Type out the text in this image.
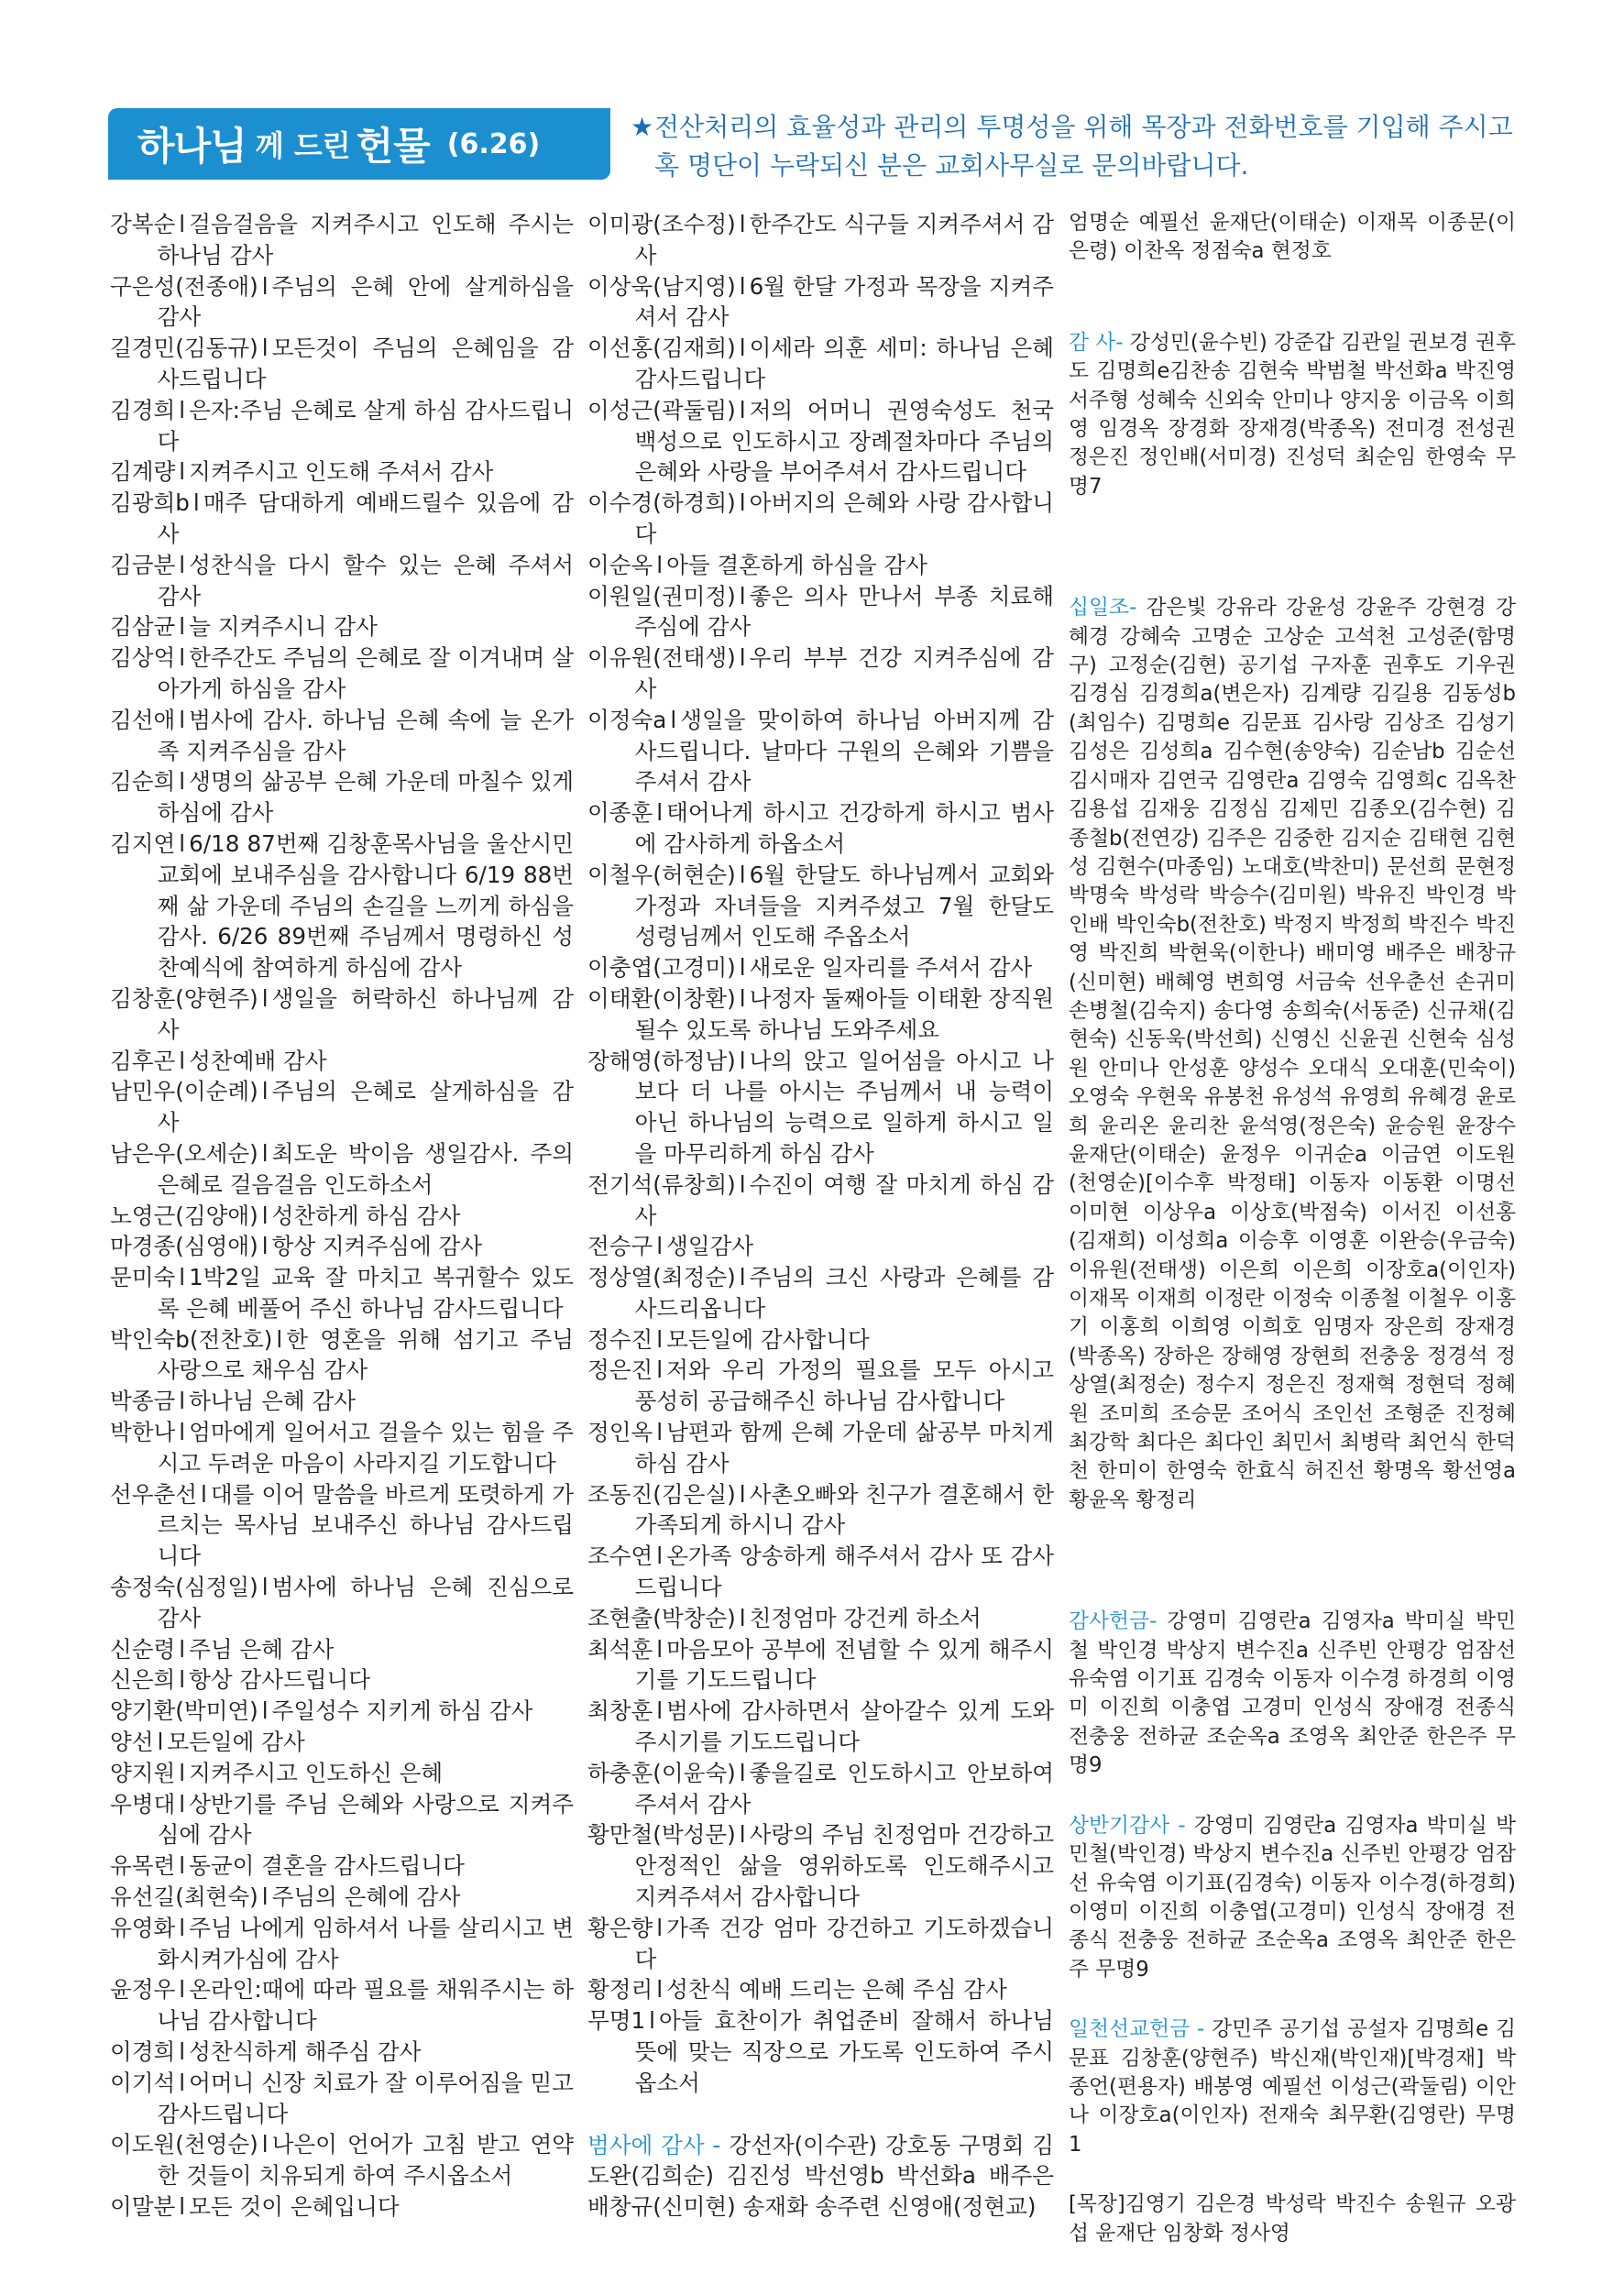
하나님 께 드린 헌물 (6.26)
★ 전산처리의 효율성과 관리의 투명성을 위해 목장과 전화번호를 기입해 주시고 혹 명단이 누락되신 분은 교회사무실로 문의바랍니다.
강복순 l 걸음걸음을 지켜주시고 인도해 주시는 하나님 감사
구은성(전종애) l 주님의 은혜 안에 살게하심을 감사
길경민(김동규) l 모든것이 주님의 은혜임을 감사드립니다
김경희 l 은자:주님 은혜로 살게 하심 감사드립니다
김계량 l 지켜주시고 인도해 주셔서 감사
김광희b l 매주 담대하게 예배드릴수 있음에 감사
김금분 l 성찬식을 다시 할수 있는 은혜 주셔서 감사
김삼균 l 늘 지켜주시니 감사
김상억 l 한주간도 주님의 은혜로 잘 이겨내며 살아가게 하심을 감사
김선애 l 범사에 감사. 하나님 은혜 속에 늘 온가족 지켜주심을 감사
김순희 l 생명의 삶공부 은혜 가운데 마칠수 있게 하심에 감사
김지연 l 6/18 87번째 김창훈목사님을 울산시민교회에 보내주심을 감사합니다 6/19 88번째 삶 가운데 주님의 손길을 느끼게 하심을 감사. 6/26 89번째 주님께서 명령하신 성찬예식에 참여하게 하심에 감사
김창훈(양현주) l 생일을 허락하신 하나님께 감사
김후곤 l 성찬예배 감사
남민우(이순례) l 주님의 은혜로 살게하심을 감사
남은우(오세순) l 최도운 박이음 생일감사. 주의 은혜로 걸음걸음 인도하소서
노영근(김양애) l 성찬하게 하심 감사
마경종(심영애) l 항상 지켜주심에 감사
문미숙 l 1박2일 교육 잘 마치고 복귀할수 있도록 은혜 베풀어 주신 하나님 감사드립니다
박인숙b(전찬호) l 한 영혼을 위해 섬기고 주님 사랑으로 채우심 감사
박종금 l 하나님 은혜 감사
박한나 l 엄마에게 일어서고 걸을수 있는 힘을 주시고 두려운 마음이 사라지길 기도합니다
선우춘선 l 대를 이어 말씀을 바르게 또렷하게 가르치는 목사님 보내주신 하나님 감사드립니다
송정숙(심정일) l 범사에 하나님 은혜 진심으로 감사
신순령 l 주님 은혜 감사
신은희 l 항상 감사드립니다
양기환(박미연) l 주일성수 지키게 하심 감사
양선 l 모든일에 감사
양지원 l 지켜주시고 인도하신 은혜
우병대 l 상반기를 주님 은혜와 사랑으로 지켜주심에 감사
유목련 l 동균이 결혼을 감사드립니다
유선길(최현숙) l 주님의 은혜에 감사
유영화 l 주님 나에게 임하셔서 나를 살리시고 변화시켜가심에 감사
윤정우 l 온라인:때에 따라 필요를 채워주시는 하나님 감사합니다
이경희 l 성찬식하게 해주심 감사
이기석 l 어머니 신장 치료가 잘 이루어짐을 믿고 감사드립니다
이도원(천영순) l 나은이 언어가 고침 받고 연약한 것들이 치유되게 하여 주시옵소서
이말분 l 모든 것이 은혜입니다
이미광(조수정) l 한주간도 식구들 지켜주셔서 감사
이상욱(남지영) l 6월 한달 가정과 목장을 지켜주셔서 감사
이선홍(김재희) l 이세라 의훈 세미: 하나님 은혜 감사드립니다
이성근(곽둘림) l 저의 어머니 권영숙성도 천국 백성으로 인도하시고 장례절차마다 주님의 은혜와 사랑을 부어주셔서 감사드립니다
이수경(하경희) l 아버지의 은혜와 사랑 감사합니다
이순옥 l 아들 결혼하게 하심을 감사
이원일(권미정) l 좋은 의사 만나서 부종 치료해 주심에 감사
이유원(전태생) l 우리 부부 건강 지켜주심에 감사
이정숙a l 생일을 맞이하여 하나님 아버지께 감사드립니다. 날마다 구원의 은혜와 기쁨을 주셔서 감사
이종훈 l 태어나게 하시고 건강하게 하시고 범사에 감사하게 하옵소서
이철우(허현순) l 6월 한달도 하나님께서 교회와 가정과 자녀들을 지켜주셨고 7월 한달도 성령님께서 인도해 주옵소서
이충엽(고경미) l 새로운 일자리를 주셔서 감사
이태환(이창환) l 나정자 둘째아들 이태환 장직원 될수 있도록 하나님 도와주세요
장해영(하정남) l 나의 앉고 일어섬을 아시고 나보다 더 나를 아시는 주님께서 내 능력이 아닌 하나님의 능력으로 일하게 하시고 일을 마무리하게 하심 감사
전기석(류창희) l 수진이 여행 잘 마치게 하심 감사
전승구 l 생일감사
정상열(최정순) l 주님의 크신 사랑과 은혜를 감사드리옵니다
정수진 l 모든일에 감사합니다
정은진 l 저와 우리 가정의 필요를 모두 아시고 풍성히 공급해주신 하나님 감사합니다
정인옥 l 남편과 함께 은혜 가운데 삶공부 마치게 하심 감사
조동진(김은실) l 사촌오빠와 친구가 결혼해서 한 가족되게 하시니 감사
조수연 l 온가족 앙송하게 해주셔서 감사 또 감사드립니다
조현출(박창순) l 친정엄마 강건케 하소서
최석훈 l 마음모아 공부에 전념할 수 있게 해주시기를 기도드립니다
최창훈 l 범사에 감사하면서 살아갈수 있게 도와주시기를 기도드립니다
하충훈(이윤숙) l 좋을길로 인도하시고 안보하여 주셔서 감사
황만철(박성문) l 사랑의 주님 친정엄마 건강하고 안정적인 삶을 영위하도록 인도해주시고 지켜주셔서 감사합니다
황은향 l 가족 건강 엄마 강건하고 기도하겠습니다
황정리 l 성찬식 예배 드리는 은혜 주심 감사
무명1 l 아들 효찬이가 취업준비 잘해서 하나님 뜻에 맞는 직장으로 가도록 인도하여 주시옵소서
범사에 감사 - 강선자(이수관) 강호동 구명회 김도완(김희순) 김진성 박선영b 박선화a 배주은 배창규(신미현) 송재화 송주련 신영애(정현교)
엄명순 예필선 윤재단(이태순) 이재목 이종문(이은령) 이찬옥 정점숙a 현정호
감 사- 강성민(윤수빈) 강준갑 김관일 권보경 권후도 김명희e김찬송 김현숙 박범철 박선화a 박진영 서주형 성혜숙 신외숙 안미나 양지웅 이금옥 이희영 임경옥 장경화 장재경(박종옥) 전미경 전성권 정은진 정인배(서미경) 진성덕 최순임 한영숙 무명7
십일조- 감은빛 강유라 강윤성 강윤주 강현경 강혜경 강혜숙 고명순 고상순 고석천 고성준(함명구) 고정순(김현) 공기섭 구자훈 권후도 기우권 김경심 김경희a(변은자) 김계량 김길용 김동성b(최임수) 김명희e 김문표 김사랑 김상조 김성기 김성은 김성희a 김수현(송양숙) 김순남b 김순선 김시매자 김연국 김영란a 김영숙 김영희c 김옥찬 김용섭 김재웅 김정심 김제민 김종오(김수현) 김종철b(전연강) 김주은 김중한 김지순 김태현 김현성 김현수(마종임) 노대호(박찬미) 문선희 문현정 박명숙 박성락 박승수(김미원) 박유진 박인경 박인배 박인숙b(전찬호) 박정지 박정희 박진수 박진영 박진희 박현욱(이한나) 배미영 배주은 배창규(신미현) 배혜영 변희영 서금숙 선우춘선 손귀미 손병철(김숙지) 송다영 송희숙(서동준) 신규채(김현숙) 신동욱(박선희) 신영신 신윤권 신현숙 심성원 안미나 안성훈 양성수 오대식 오대훈(민숙이) 오영숙 우현욱 유봉천 유성석 유영희 유혜경 윤로희 윤리온 윤리찬 윤석영(정은숙) 윤승원 윤장수 윤재단(이태순) 윤정우 이귀순a 이금연 이도원(천영순)[이수후 박정태] 이동자 이동환 이명선 이미현 이상우a 이상호(박점숙) 이서진 이선홍(김재희) 이성희a 이승후 이영훈 이완승(우금숙) 이유원(전태생) 이은희 이은희 이장호a(이인자) 이재목 이재희 이정란 이정숙 이종철 이철우 이홍기 이홍희 이희영 이희호 임명자 장은희 장재경(박종옥) 장하은 장해영 장현희 전충웅 정경석 정상열(최정순) 정수지 정은진 정재혁 정현덕 정혜원 조미희 조승문 조어식 조인선 조형준 진정혜 최강학 최다은 최다인 최민서 최병락 최언식 한덕천 한미이 한영숙 한효식 허진선 황명옥 황선영a 황윤옥 황정리
감사헌금- 강영미 김영란a 김영자a 박미실 박민철 박인경 박상지 변수진a 신주빈 안평강 엄잠선 유숙염 이기표 김경숙 이동자 이수경 하경희 이영미 이진희 이충엽 고경미 인성식 장애경 전종식 전충웅 전하균 조순옥a 조영옥 최안준 한은주 무명9
상반기감사 - 강영미 김영란a 김영자a 박미실 박민철(박인경) 박상지 변수진a 신주빈 안평강 엄잠선 유숙염 이기표(김경숙) 이동자 이수경(하경희) 이영미 이진희 이충엽(고경미) 인성식 장애경 전종식 전충웅 전하균 조순옥a 조영옥 최안준 한은주 무명9
일천선교헌금 - 강민주 공기섭 공설자 김명희e 김문표 김창훈(양현주) 박신재(박인재)[박경재] 박종언(편용자) 배봉영 예필선 이성근(곽둘림) 이안나 이장호a(이인자) 전재숙 최무환(김영란) 무명1
[목장]김영기 김은경 박성락 박진수 송원규 오광섭 윤재단 임창화 정사영
